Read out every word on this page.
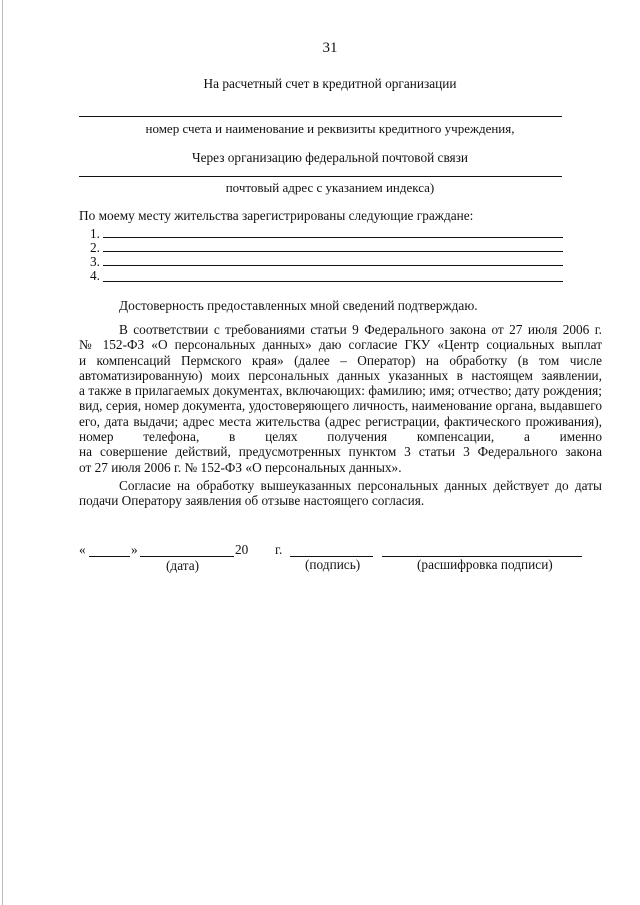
31
На расчетный счет в кредитной организации
номер счета и наименование и реквизиты кредитного учреждения,
Через организацию федеральной почтовой связи
почтовый адрес с указанием индекса)
По моему месту жительства зарегистрированы следующие граждане:
1.
2.
3.
4.
Достоверность предоставленных мной сведений подтверждаю.
В соответствии с требованиями статьи 9 Федерального закона от 27 июля 2006 г.
№ 152-ФЗ «О персональных данных» даю согласие ГКУ «Центр социальных выплат
и компенсаций Пермского края» (далее – Оператор) на обработку (в том числе
автоматизированную) моих персональных данных указанных в настоящем заявлении,
а также в прилагаемых документах, включающих: фамилию; имя; отчество; дату рождения;
вид, серия, номер документа, удостоверяющего личность, наименование органа, выдавшего
его, дата выдачи; адрес места жительства (адрес регистрации, фактического проживания),
номер телефона, в целях получения компенсации, а именно
на совершение действий, предусмотренных пунктом 3 статьи 3 Федерального закона
от 27 июля 2006 г. № 152-ФЗ «О персональных данных».
Согласие на обработку вышеуказанных персональных данных действует до даты
подачи Оператору заявления об отзыве настоящего согласия.
«	»	20 г.
(дата)	(подпись)	(расшифровка подписи)
